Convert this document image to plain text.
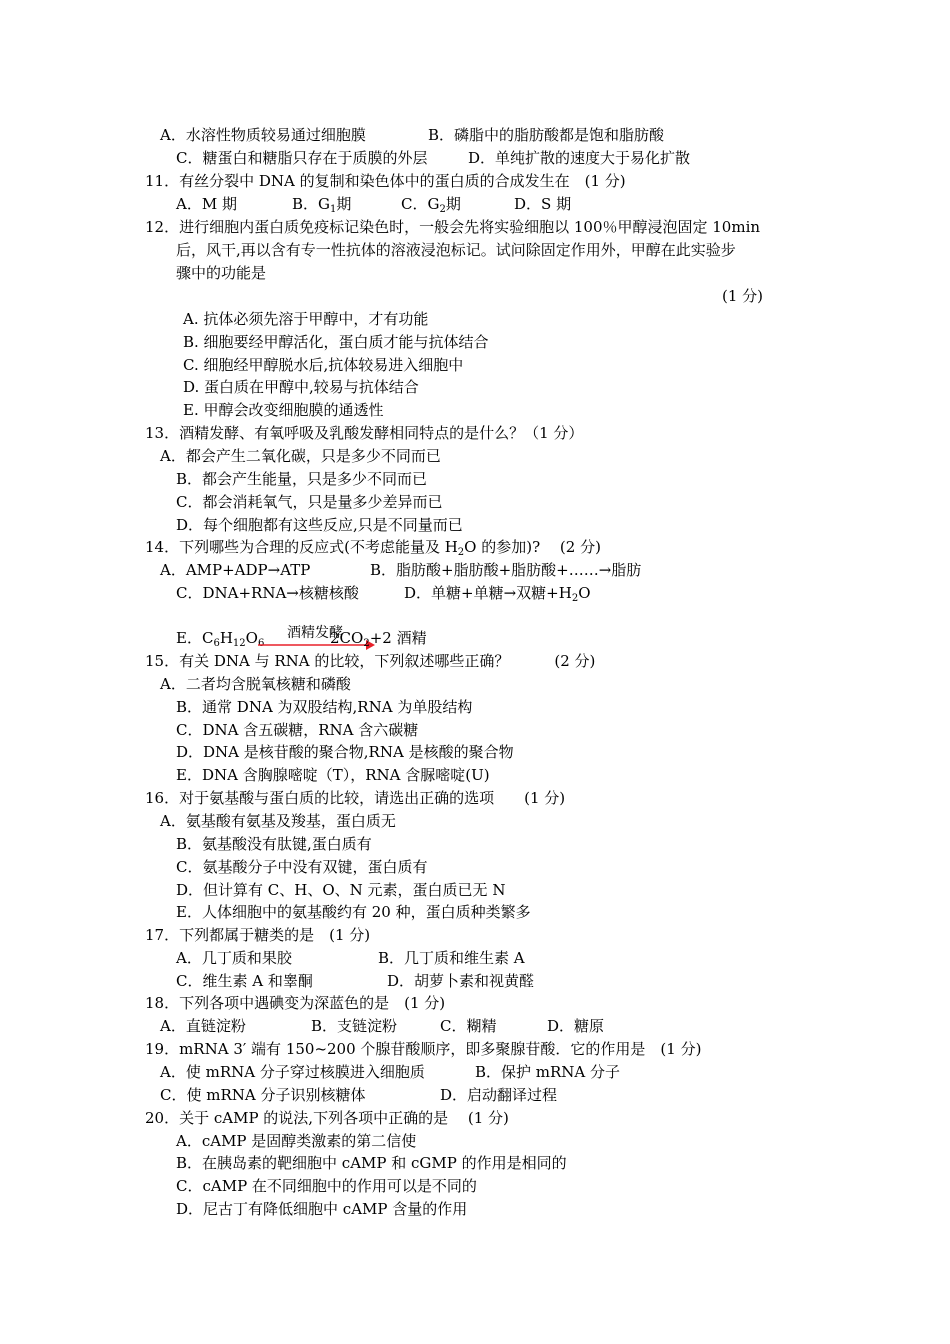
A．水溶性物质较易通过细胞膜	B．磷脂中的脂肪酸都是饱和脂肪酸
C．糖蛋白和糖脂只存在于质膜的外层	D．单纯扩散的速度大于易化扩散
11．有丝分裂中 DNA 的复制和染色体中的蛋白质的合成发生在　(1 分)
A．M 期	B．$G_1$期	C．$G_2$期	D．S 期
12．进行细胞内蛋白质免疫标记染色时，一般会先将实验细胞以 100％甲醇浸泡固定 10min
后，风干,再以含有专一性抗体的溶液浸泡标记。试问除固定作用外，甲醇在此实验步
骤中的功能是
(1 分)
A. 抗体必须先溶于甲醇中，才有功能
B. 细胞要经甲醇活化，蛋白质才能与抗体结合
C. 细胞经甲醇脱水后,抗体较易进入细胞中
D. 蛋白质在甲醇中,较易与抗体结合
E. 甲醇会改变细胞膜的通透性
13．酒精发酵、有氧呼吸及乳酸发酵相同特点的是什么？（1 分）
A．都会产生二氧化碳，只是多少不同而已
B．都会产生能量，只是多少不同而已
C．都会消耗氧气，只是量多少差异而已
D．每个细胞都有这些反应,只是不同量而已
14．下列哪些为合理的反应式(不考虑能量及 $H_2O$ 的参加)?　 (2 分)
A．AMP+ADP→ATP	B．脂肪酸+脂肪酸+脂肪酸+……→脂肪
C．DNA+RNA→核糖核酸	D．单糖+单糖→双糖$+H_2O$
E．$C_6H_{12}O_6$
酒精发酵
$2CO_2+2$ 酒精
15．有关 DNA 与 RNA 的比较，下列叙述哪些正确？　　　(2 分)
A．二者均含脱氧核糖和磷酸
B．通常 DNA 为双股结构,RNA 为单股结构
C．DNA 含五碳糖，RNA 含六碳糖
D．DNA 是核苷酸的聚合物,RNA 是核酸的聚合物
E．DNA 含胸腺嘧啶（T），RNA 含脲嘧啶(U)
16．对于氨基酸与蛋白质的比较，请选出正确的选项　　(1 分)
A．氨基酸有氨基及羧基，蛋白质无
B．氨基酸没有肽键,蛋白质有
C．氨基酸分子中没有双键，蛋白质有
D．但计算有 C、H、O、N 元素，蛋白质已无 N
E．人体细胞中的氨基酸约有 20 种，蛋白质种类繁多
17．下列都属于糖类的是　(1 分)
A．几丁质和果胶	B．几丁质和维生素 A
C．维生素 A 和睾酮	D．胡萝卜素和视黄醛
18．下列各项中遇碘变为深蓝色的是　(1 分)
A．直链淀粉	B．支链淀粉	C．糊精	D．糖原
19．mRNA 3′ 端有 150~200 个腺苷酸顺序，即多聚腺苷酸．它的作用是　(1 分)
A．使 mRNA 分子穿过核膜进入细胞质	B．保护 mRNA 分子
C．使 mRNA 分子识别核糖体	D．启动翻译过程
20．关于 cAMP 的说法,下列各项中正确的是　 (1 分)
A．cAMP 是固醇类激素的第二信使
B．在胰岛素的靶细胞中 cAMP 和 cGMP 的作用是相同的
C．cAMP 在不同细胞中的作用可以是不同的
D．尼古丁有降低细胞中 cAMP 含量的作用
